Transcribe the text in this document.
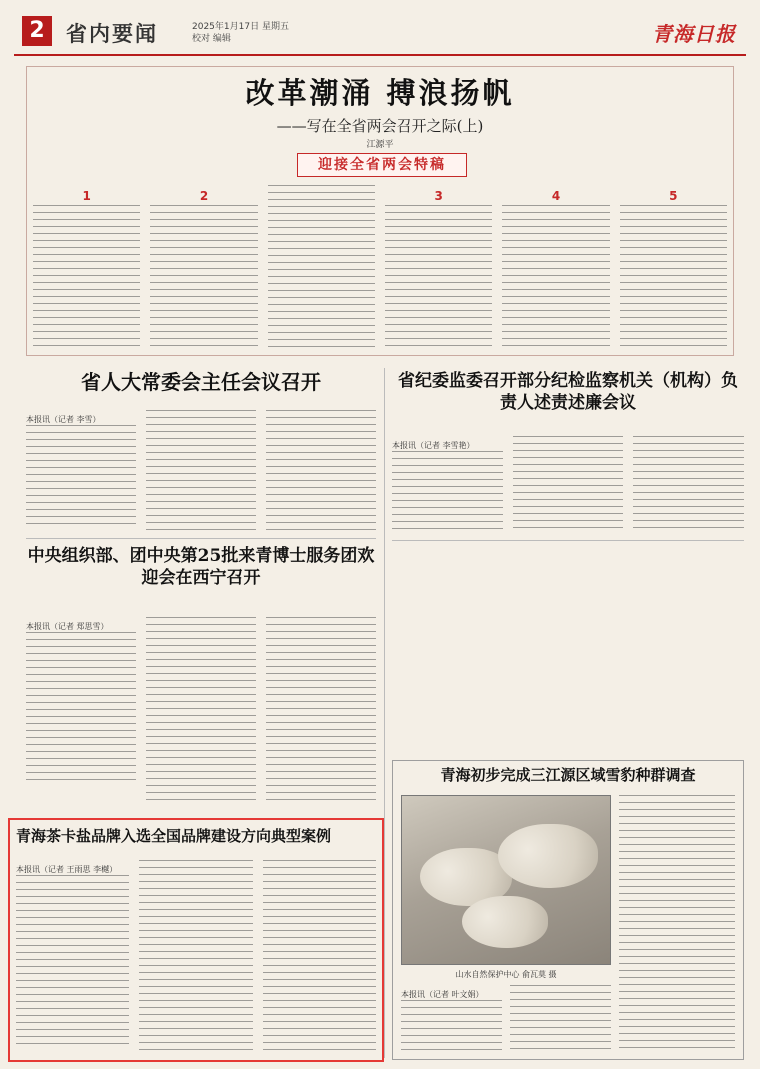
2	省内要闻	2025年1月17日 星期五
校对 编辑	青海日报
改革潮涌 搏浪扬帆
——写在全省两会召开之际(上)
江源平
迎接全省两会特稿
1	2	3	4	5
省人大常委会主任会议召开
本报讯（记者 李雪）
省纪委监委召开部分纪检监察机关（机构）负责人述责述廉会议
本报讯（记者 李雪艳）
中央组织部、团中央第25批来青博士服务团欢迎会在西宁召开
本报讯（记者 郑思雪）
青海初步完成三江源区域雪豹种群调查
山水自然保护中心 俞瓦莫 摄
本报讯（记者 叶文娟）
青海茶卡盐品牌入选全国品牌建设方向典型案例
本报讯（记者 王雨思 李樾）
